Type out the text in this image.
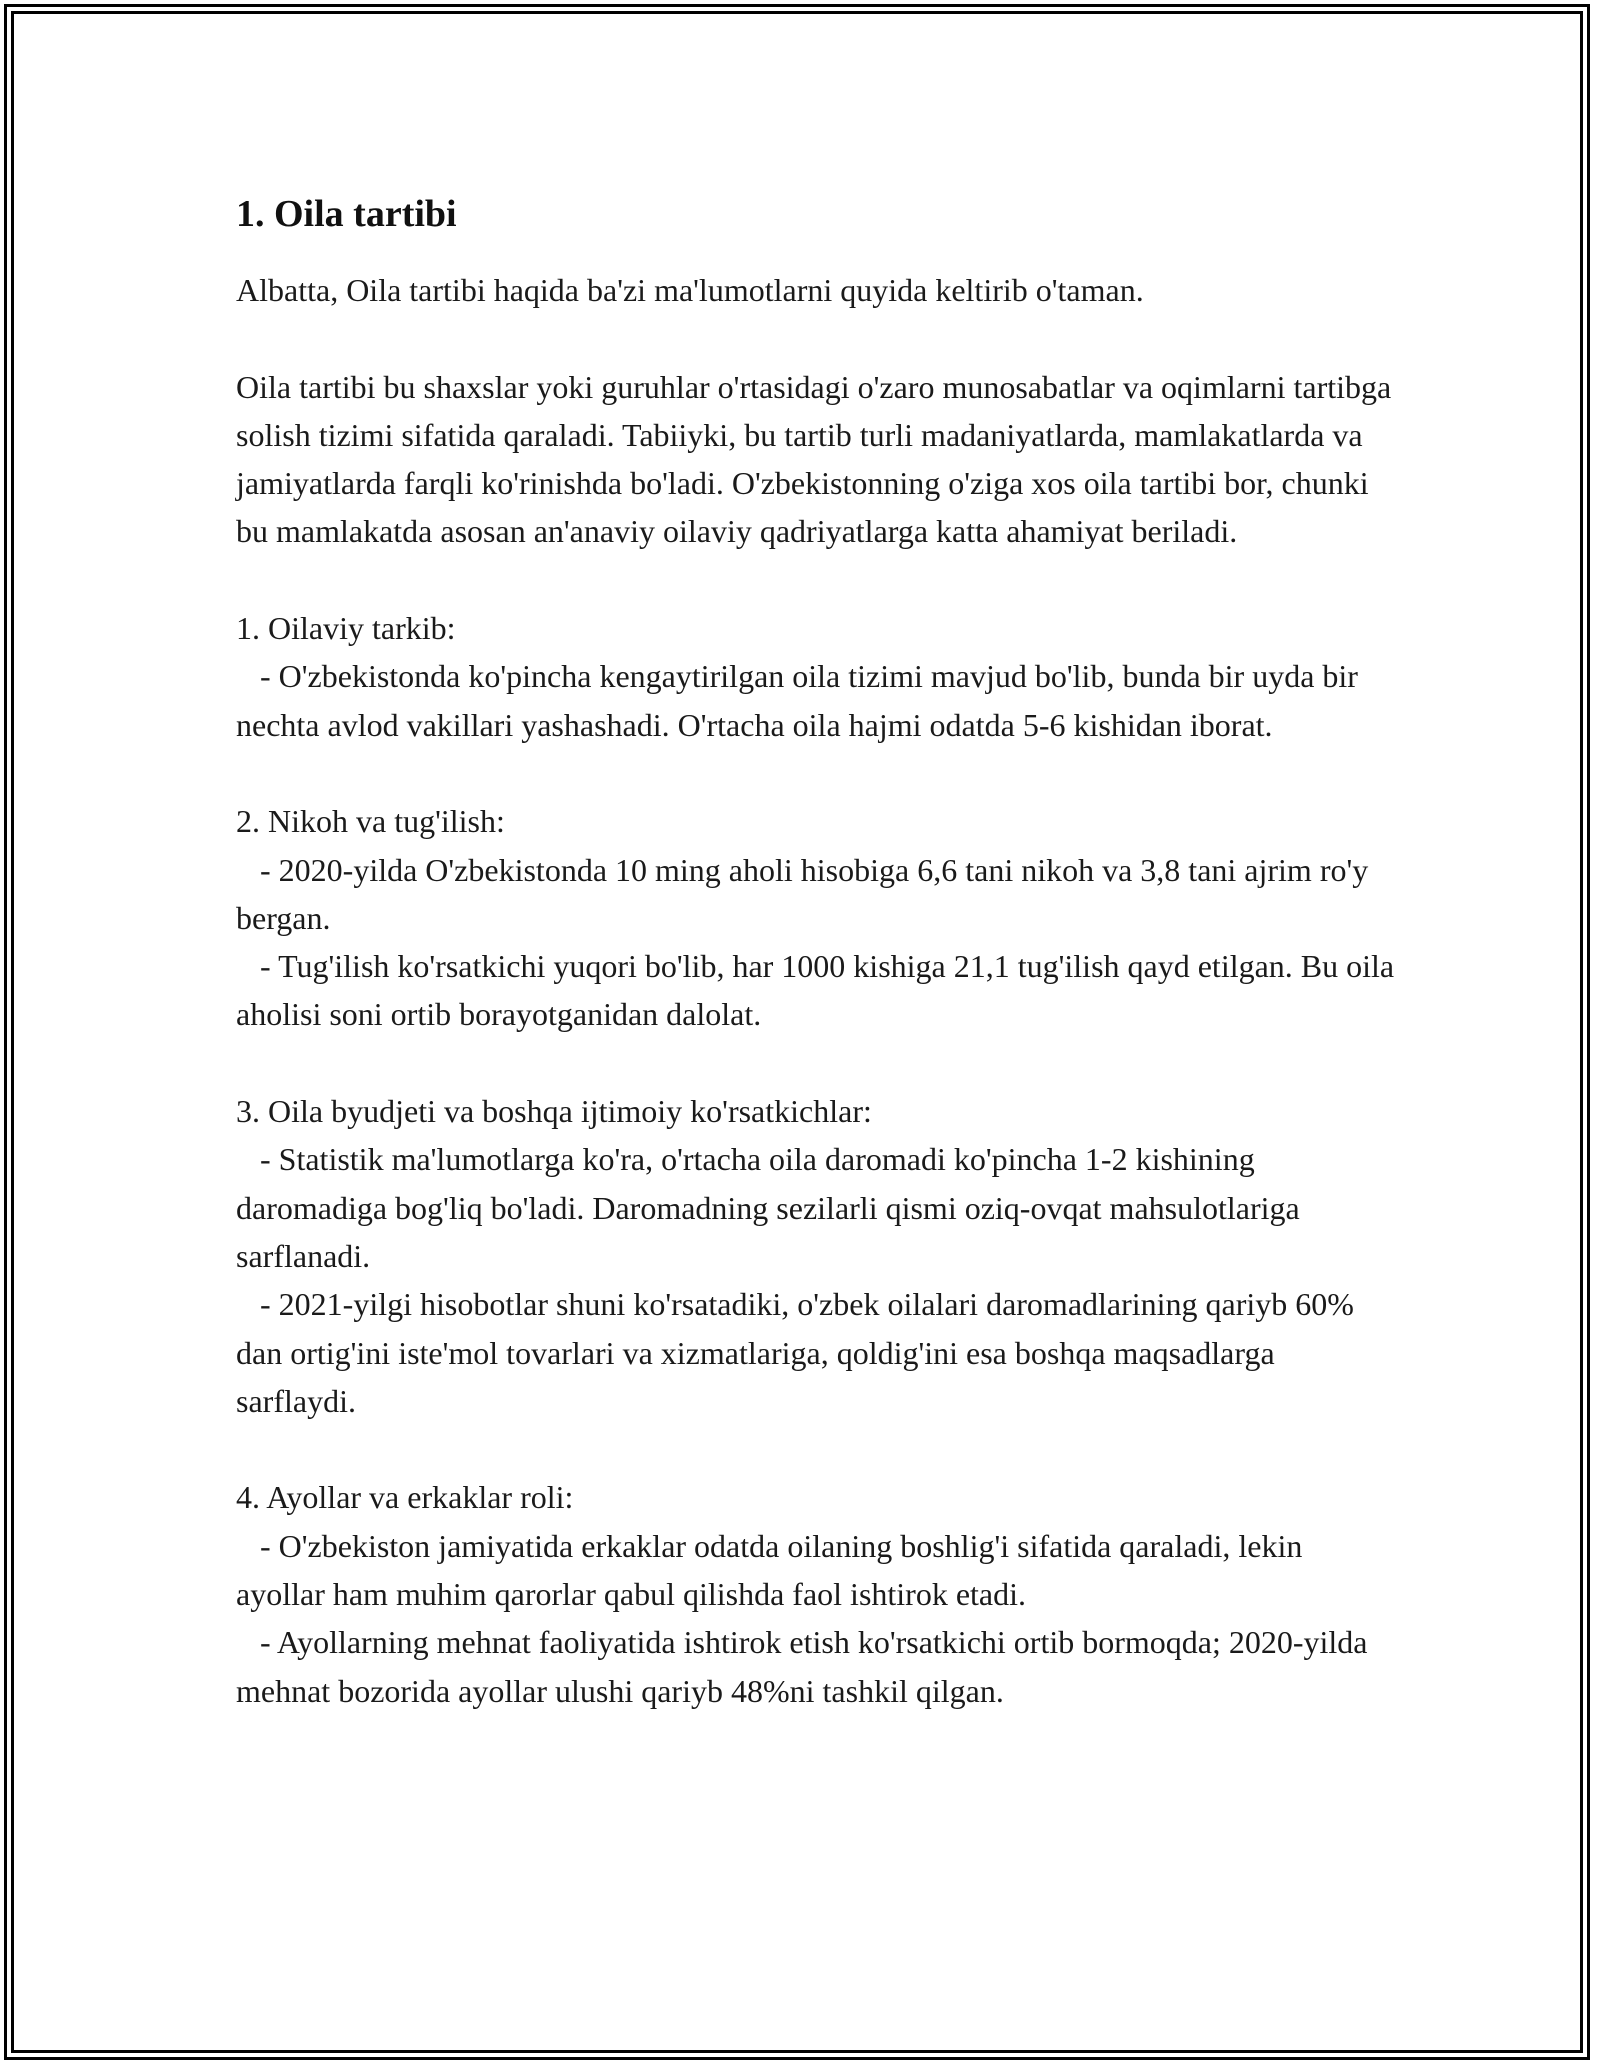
1. Oila tartibi

Albatta, Oila tartibi haqida ba'zi ma'lumotlarni quyida keltirib o'taman.

Oila tartibi bu shaxslar yoki guruhlar o'rtasidagi o'zaro munosabatlar va oqimlarni tartibga solish tizimi sifatida qaraladi. Tabiiyki, bu tartib turli madaniyatlarda, mamlakatlarda va jamiyatlarda farqli ko'rinishda bo'ladi. O'zbekistonning o'ziga xos oila tartibi bor, chunki bu mamlakatda asosan an'anaviy oilaviy qadriyatlarga katta ahamiyat beriladi.

1. Oilaviy tarkib:

- O'zbekistonda ko'pincha kengaytirilgan oila tizimi mavjud bo'lib, bunda bir uyda bir nechta avlod vakillari yashashadi. O'rtacha oila hajmi odatda 5-6 kishidan iborat.

2. Nikoh va tug'ilish:

- 2020-yilda O'zbekistonda 10 ming aholi hisobiga 6,6 tani nikoh va 3,8 tani ajrim ro'y bergan.

- Tug'ilish ko'rsatkichi yuqori bo'lib, har 1000 kishiga 21,1 tug'ilish qayd etilgan. Bu oila aholisi soni ortib borayotganidan dalolat.

3. Oila byudjeti va boshqa ijtimoiy ko'rsatkichlar:

- Statistik ma'lumotlarga ko'ra, o'rtacha oila daromadi ko'pincha 1-2 kishining daromadiga bog'liq bo'ladi. Daromadning sezilarli qismi oziq-ovqat mahsulotlariga sarflanadi.

- 2021-yilgi hisobotlar shuni ko'rsatadiki, o'zbek oilalari daromadlarining qariyb 60% dan ortig'ini iste'mol tovarlari va xizmatlariga, qoldig'ini esa boshqa maqsadlarga sarflaydi.

4. Ayollar va erkaklar roli:

- O'zbekiston jamiyatida erkaklar odatda oilaning boshlig'i sifatida qaraladi, lekin ayollar ham muhim qarorlar qabul qilishda faol ishtirok etadi.

- Ayollarning mehnat faoliyatida ishtirok etish ko'rsatkichi ortib bormoqda; 2020-yilda mehnat bozorida ayollar ulushi qariyb 48%ni tashkil qilgan.
